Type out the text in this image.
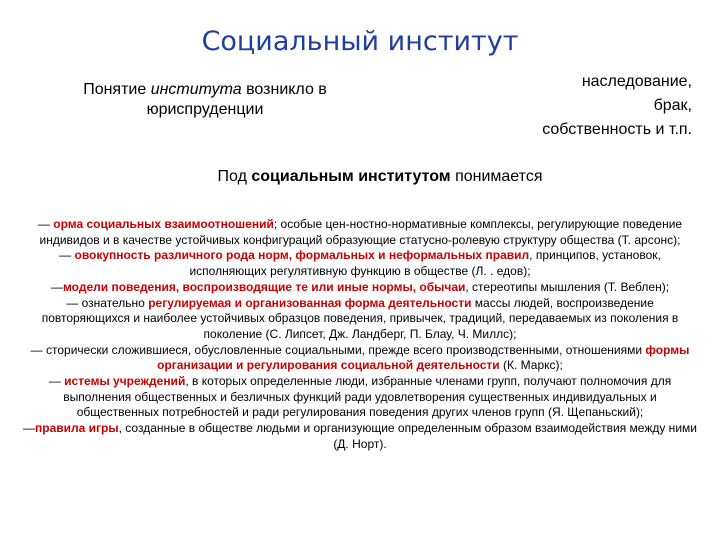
Социальный институт
Понятие института возникло в юриспруденции
наследование,
брак,
собственность и т.п.
Под социальным институтом понимается

— орма социальных взаимоотношений; особые цен-ностно-нормативные комплексы, регулирующие поведение индивидов и в качестве устойчивых конфигураций образующие статусно-ролевую структуру общества (Т. арсонс);

— овокупность различного рода норм, формальных и неформальных правил, принципов, установок, исполняющих регулятивную функцию в обществе (Л. . едов);

—модели поведения, воспроизводящие те или иные нормы, обычаи, стереотипы мышления (Т. Веблен);

— ознательно регулируемая и организованная форма деятельности массы людей, воспроизведение повторяющихся и наиболее устойчивых образцов поведения, привычек, традиций, передаваемых из поколения в поколение (С. Липсет, Дж. Ландберг, П. Блау, Ч. Миллс);

— сторически сложившиеся, обусловленные социальными, прежде всего производственными, отношениями формы организации и регулирования социальной деятельности (К. Маркс);

— истемы учреждений, в которых определенные люди, избранные членами групп, получают полномочия для выполнения общественных и безличных функций ради удовлетворения существенных индивидуальных и общественных потребностей и ради регулирования поведения других членов групп (Я. Щепаньский);

—правила игры, созданные в обществе людьми и организующие определенным образом взаимодействия между ними (Д. Норт).
